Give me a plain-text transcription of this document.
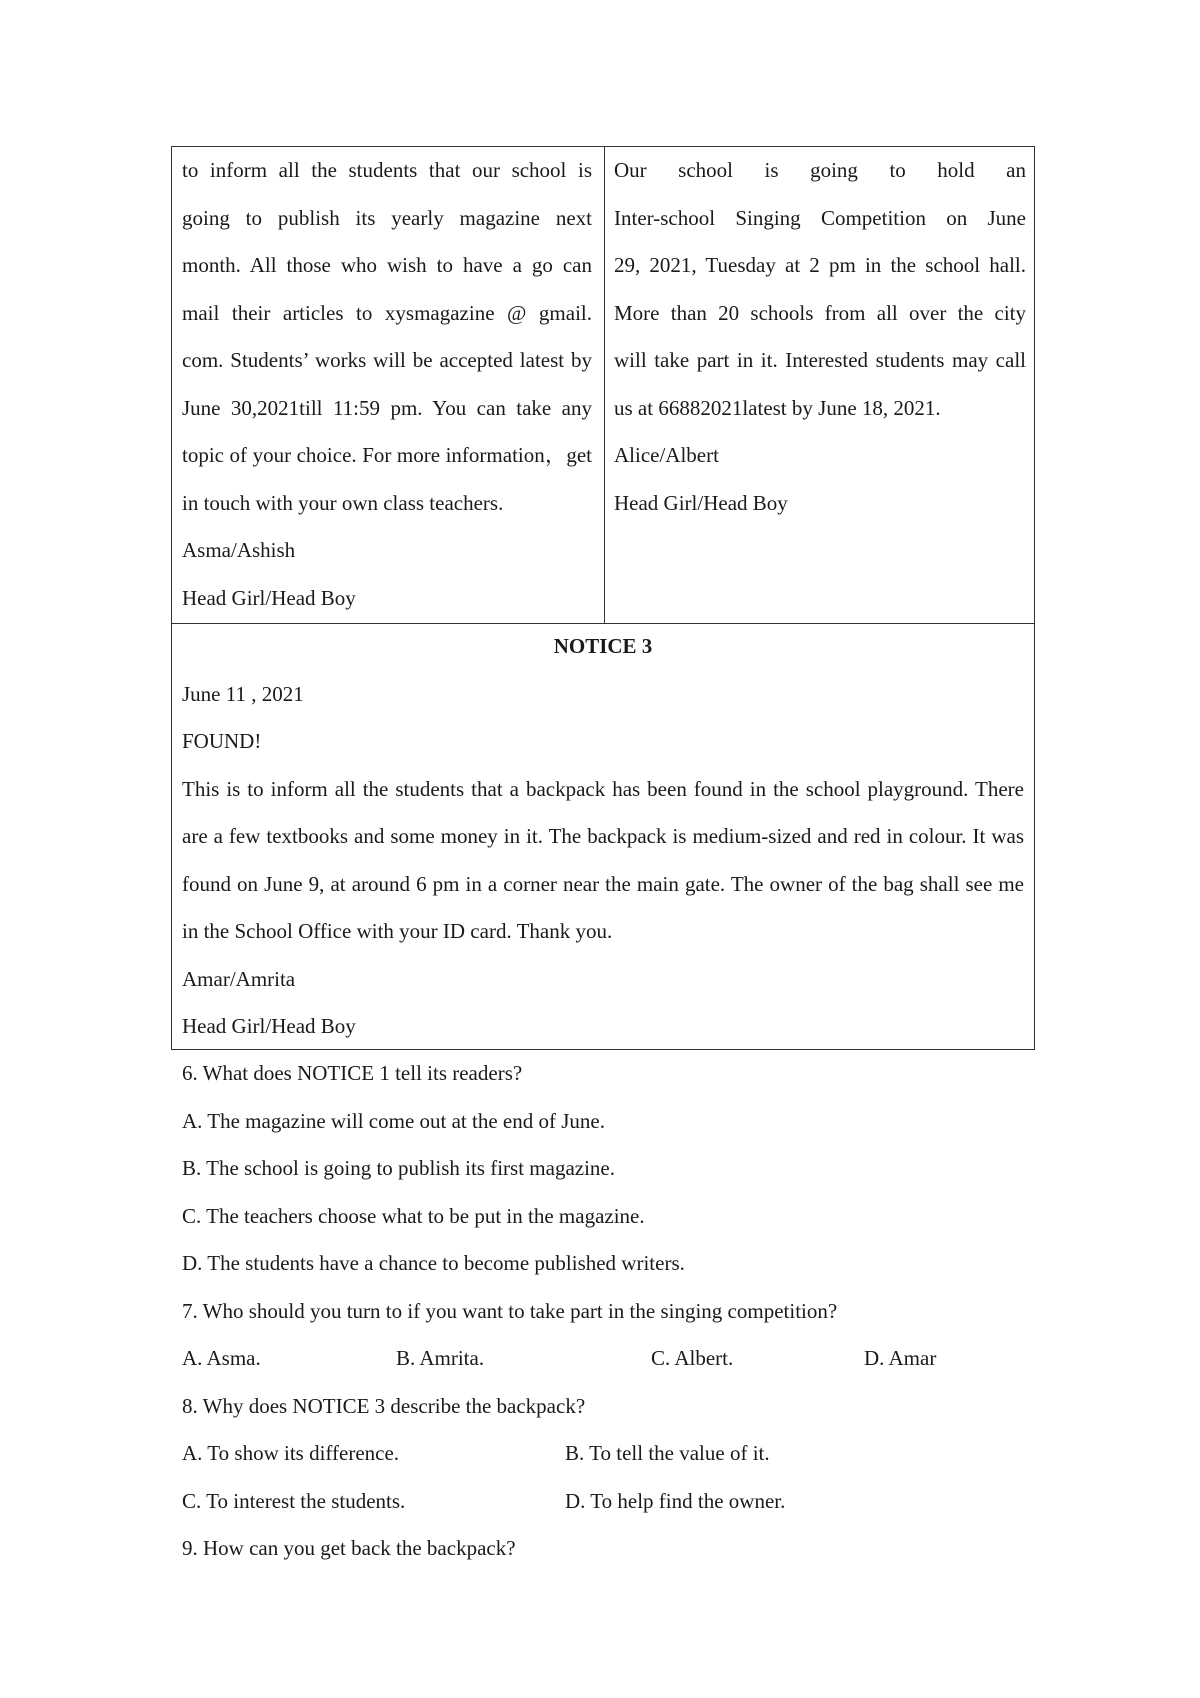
to inform all the students that our school is
going to publish its yearly magazine next
month. All those who wish to have a go can
mail their articles to xysmagazine @ gmail.
com. Students’ works will be accepted latest by
June 30,2021till 11:59 pm. You can take any
topic of your choice. For more information，get
in touch with your own class teachers.
Asma/Ashish
Head Girl/Head Boy
Our school is going to hold an
Inter-school Singing Competition on June
29, 2021, Tuesday at 2 pm in the school hall.
More than 20 schools from all over the city
will take part in it. Interested students may call
us at 66882021latest by June 18, 2021.
Alice/Albert
Head Girl/Head Boy
NOTICE 3
June 11 , 2021
FOUND!
This is to inform all the students that a backpack has been found in the school playground. There
are a few textbooks and some money in it. The backpack is medium-sized and red in colour. It was
found on June 9, at around 6 pm in a corner near the main gate. The owner of the bag shall see me
in the School Office with your ID card. Thank you.
Amar/Amrita
Head Girl/Head Boy
6. What does NOTICE 1 tell its readers?
A. The magazine will come out at the end of June.
B. The school is going to publish its first magazine.
C. The teachers choose what to be put in the magazine.
D. The students have a chance to become published writers.
7. Who should you turn to if you want to take part in the singing competition?
A. Asma.	B. Amrita.	C. Albert.	D. Amar
8. Why does NOTICE 3 describe the backpack?
A. To show its difference.	B. To tell the value of it.
C. To interest the students.	D. To help find the owner.
9. How can you get back the backpack?
